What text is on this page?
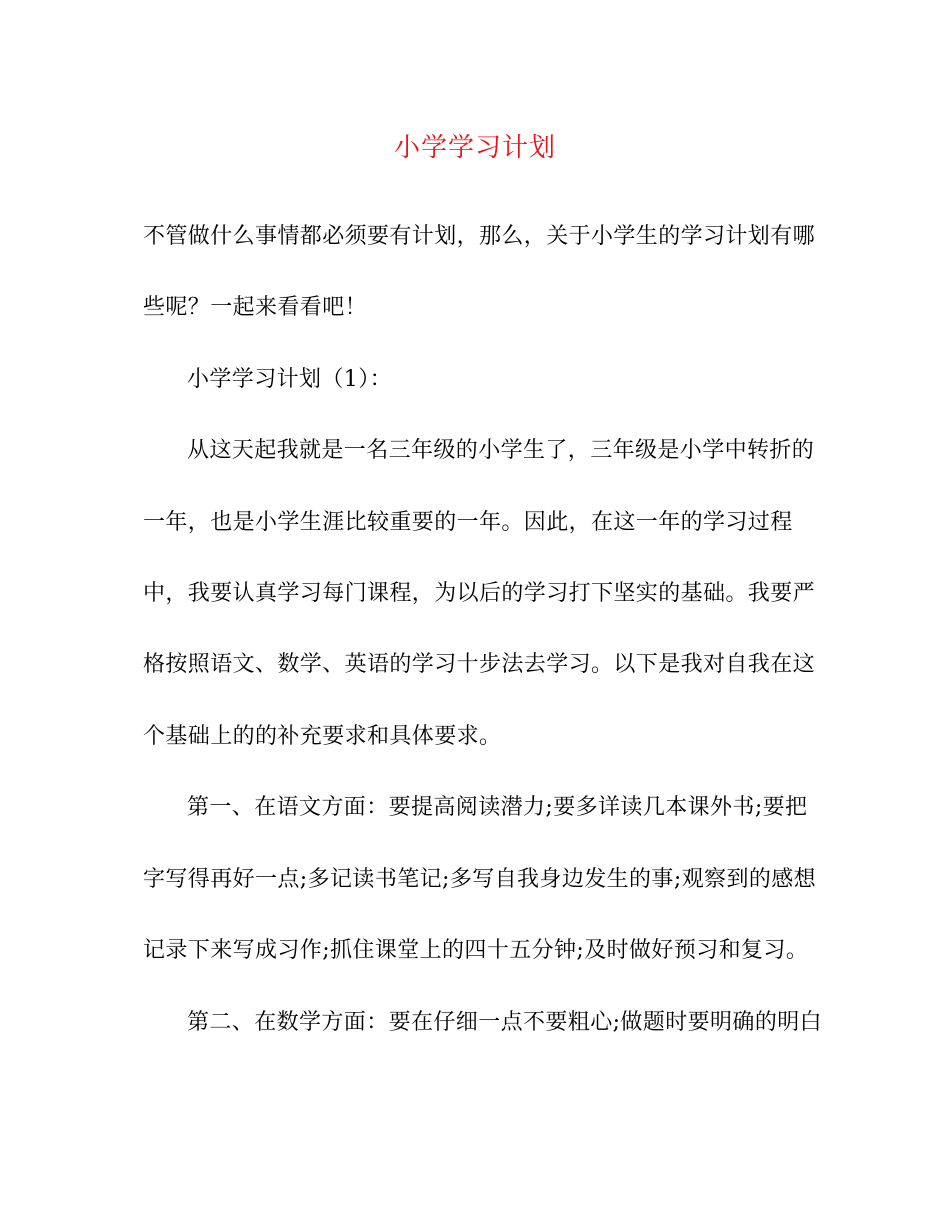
小学学习计划
不管做什么事情都必须要有计划，那么，关于小学生的学习计划有哪
些呢？一起来看看吧！
小学学习计划（1）：
从这天起我就是一名三年级的小学生了，三年级是小学中转折的
一年，也是小学生涯比较重要的一年。因此，在这一年的学习过程
中，我要认真学习每门课程，为以后的学习打下坚实的基础。我要严
格按照语文、数学、英语的学习十步法去学习。以下是我对自我在这
个基础上的的补充要求和具体要求。
第一、在语文方面：要提高阅读潜力;要多详读几本课外书;要把
字写得再好一点;多记读书笔记;多写自我身边发生的事;观察到的感想
记录下来写成习作;抓住课堂上的四十五分钟;及时做好预习和复习。
第二、在数学方面：要在仔细一点不要粗心;做题时要明确的明白
